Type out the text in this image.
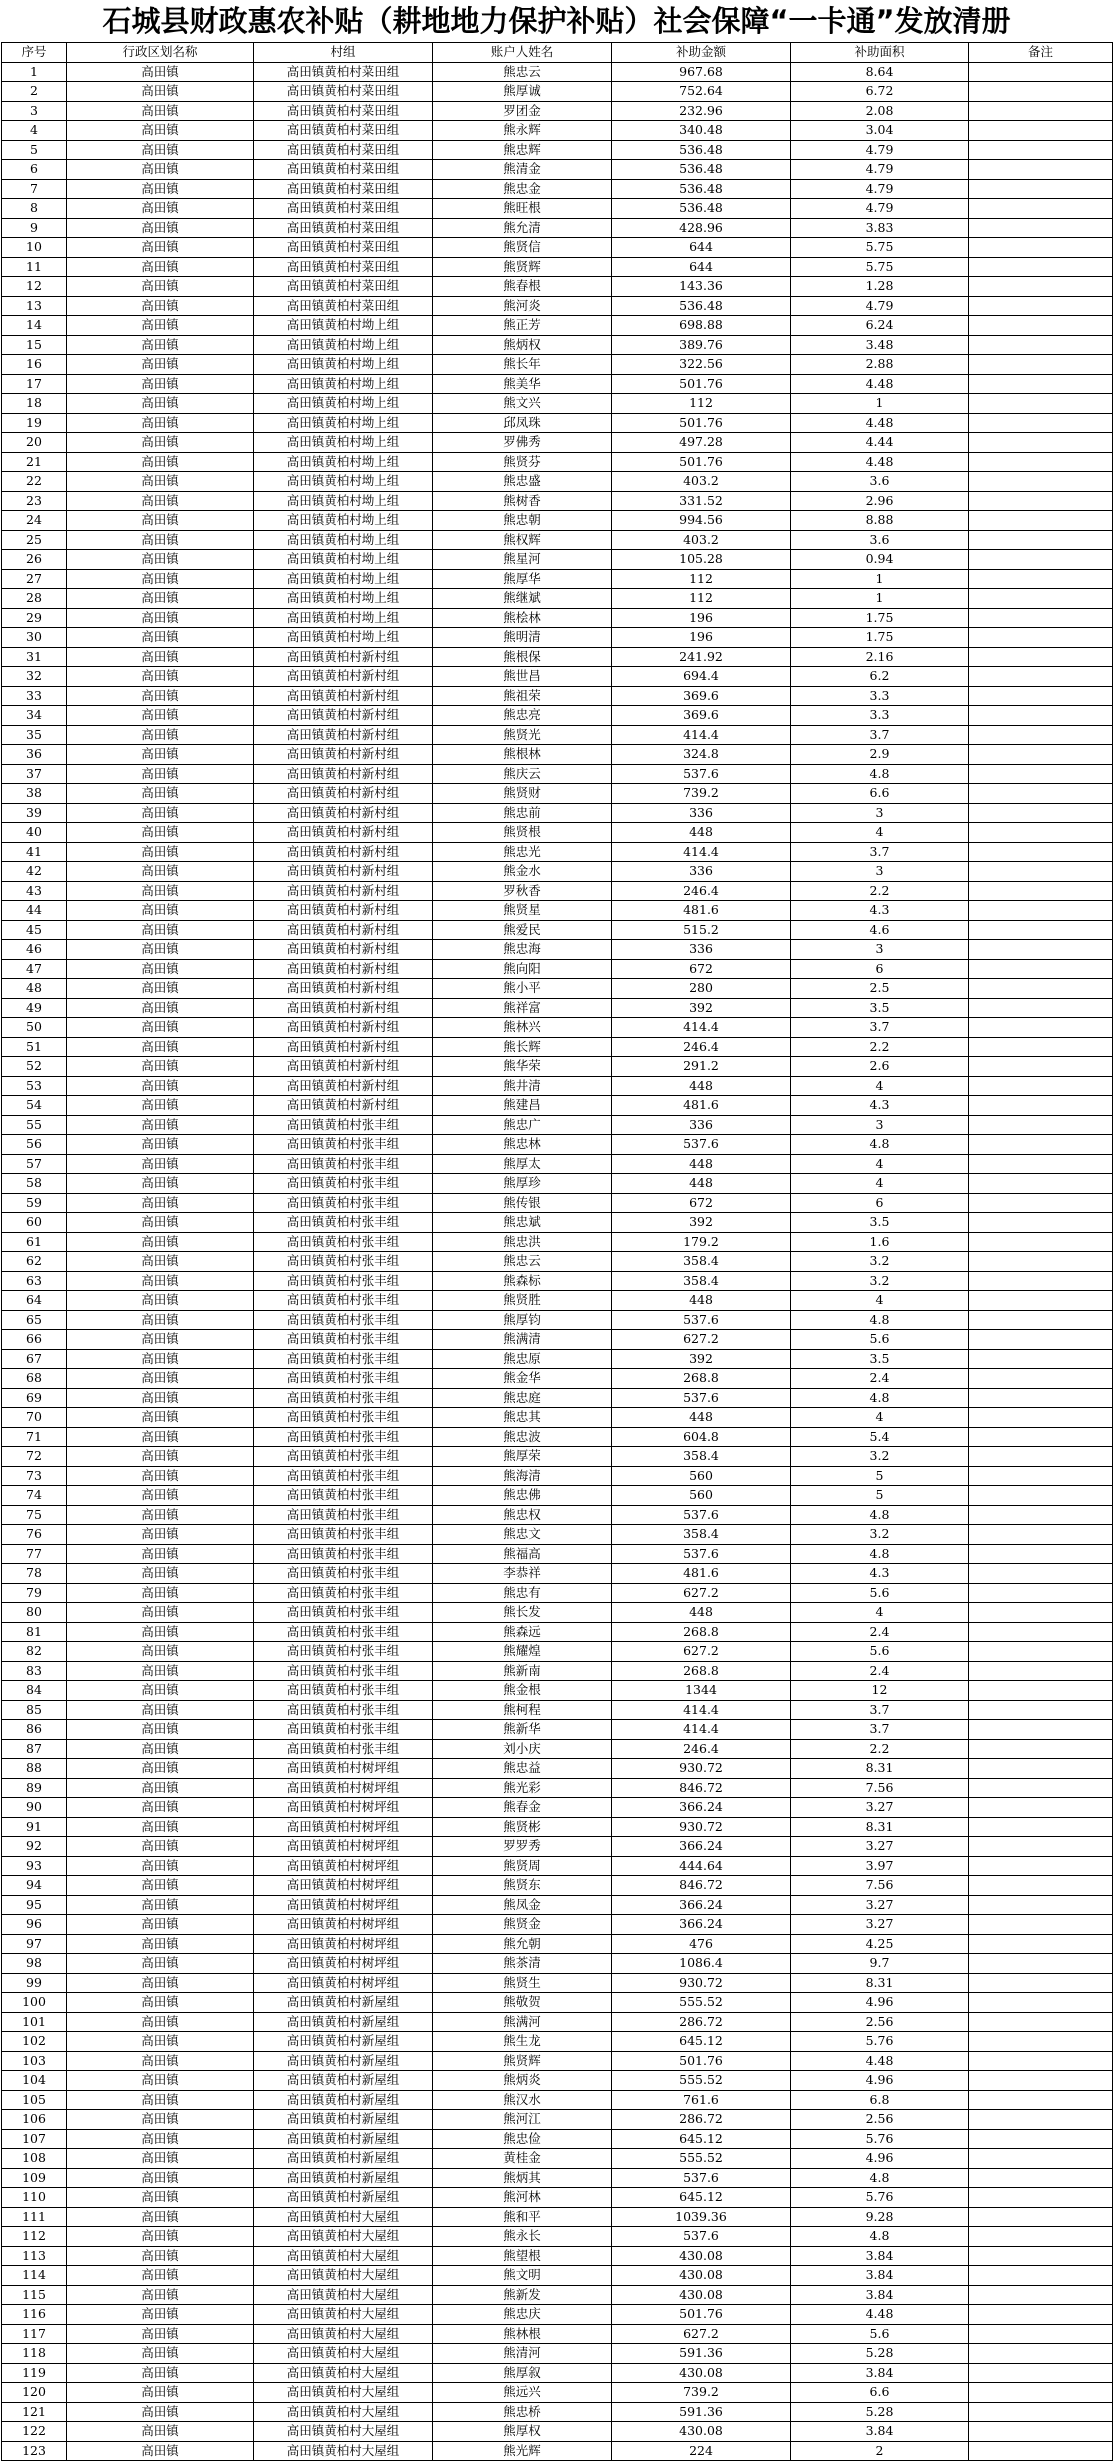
石城县财政惠农补贴（耕地地力保护补贴）社会保障“一卡通”发放清册
序号	行政区划名称	村组	账户人姓名	补助金额	补助面积	备注
1	高田镇	高田镇黄柏村菜田组	熊忠云	967.68	8.64	
2	高田镇	高田镇黄柏村菜田组	熊厚诚	752.64	6.72	
3	高田镇	高田镇黄柏村菜田组	罗团金	232.96	2.08	
4	高田镇	高田镇黄柏村菜田组	熊永辉	340.48	3.04	
5	高田镇	高田镇黄柏村菜田组	熊忠辉	536.48	4.79	
6	高田镇	高田镇黄柏村菜田组	熊清金	536.48	4.79	
7	高田镇	高田镇黄柏村菜田组	熊忠金	536.48	4.79	
8	高田镇	高田镇黄柏村菜田组	熊旺根	536.48	4.79	
9	高田镇	高田镇黄柏村菜田组	熊允清	428.96	3.83	
10	高田镇	高田镇黄柏村菜田组	熊贤信	644	5.75	
11	高田镇	高田镇黄柏村菜田组	熊贤辉	644	5.75	
12	高田镇	高田镇黄柏村菜田组	熊春根	143.36	1.28	
13	高田镇	高田镇黄柏村菜田组	熊河炎	536.48	4.79	
14	高田镇	高田镇黄柏村坳上组	熊正芳	698.88	6.24	
15	高田镇	高田镇黄柏村坳上组	熊炳权	389.76	3.48	
16	高田镇	高田镇黄柏村坳上组	熊长年	322.56	2.88	
17	高田镇	高田镇黄柏村坳上组	熊美华	501.76	4.48	
18	高田镇	高田镇黄柏村坳上组	熊文兴	112	1	
19	高田镇	高田镇黄柏村坳上组	邱凤珠	501.76	4.48	
20	高田镇	高田镇黄柏村坳上组	罗佛秀	497.28	4.44	
21	高田镇	高田镇黄柏村坳上组	熊贤芬	501.76	4.48	
22	高田镇	高田镇黄柏村坳上组	熊忠盛	403.2	3.6	
23	高田镇	高田镇黄柏村坳上组	熊树香	331.52	2.96	
24	高田镇	高田镇黄柏村坳上组	熊忠朝	994.56	8.88	
25	高田镇	高田镇黄柏村坳上组	熊权辉	403.2	3.6	
26	高田镇	高田镇黄柏村坳上组	熊星河	105.28	0.94	
27	高田镇	高田镇黄柏村坳上组	熊厚华	112	1	
28	高田镇	高田镇黄柏村坳上组	熊继斌	112	1	
29	高田镇	高田镇黄柏村坳上组	熊桧林	196	1.75	
30	高田镇	高田镇黄柏村坳上组	熊明清	196	1.75	
31	高田镇	高田镇黄柏村新村组	熊根保	241.92	2.16	
32	高田镇	高田镇黄柏村新村组	熊世昌	694.4	6.2	
33	高田镇	高田镇黄柏村新村组	熊祖荣	369.6	3.3	
34	高田镇	高田镇黄柏村新村组	熊忠亮	369.6	3.3	
35	高田镇	高田镇黄柏村新村组	熊贤光	414.4	3.7	
36	高田镇	高田镇黄柏村新村组	熊根林	324.8	2.9	
37	高田镇	高田镇黄柏村新村组	熊庆云	537.6	4.8	
38	高田镇	高田镇黄柏村新村组	熊贤财	739.2	6.6	
39	高田镇	高田镇黄柏村新村组	熊忠前	336	3	
40	高田镇	高田镇黄柏村新村组	熊贤根	448	4	
41	高田镇	高田镇黄柏村新村组	熊忠光	414.4	3.7	
42	高田镇	高田镇黄柏村新村组	熊金水	336	3	
43	高田镇	高田镇黄柏村新村组	罗秋香	246.4	2.2	
44	高田镇	高田镇黄柏村新村组	熊贤星	481.6	4.3	
45	高田镇	高田镇黄柏村新村组	熊爱民	515.2	4.6	
46	高田镇	高田镇黄柏村新村组	熊忠海	336	3	
47	高田镇	高田镇黄柏村新村组	熊向阳	672	6	
48	高田镇	高田镇黄柏村新村组	熊小平	280	2.5	
49	高田镇	高田镇黄柏村新村组	熊祥富	392	3.5	
50	高田镇	高田镇黄柏村新村组	熊林兴	414.4	3.7	
51	高田镇	高田镇黄柏村新村组	熊长辉	246.4	2.2	
52	高田镇	高田镇黄柏村新村组	熊华荣	291.2	2.6	
53	高田镇	高田镇黄柏村新村组	熊井清	448	4	
54	高田镇	高田镇黄柏村新村组	熊建昌	481.6	4.3	
55	高田镇	高田镇黄柏村张丰组	熊忠广	336	3	
56	高田镇	高田镇黄柏村张丰组	熊忠林	537.6	4.8	
57	高田镇	高田镇黄柏村张丰组	熊厚太	448	4	
58	高田镇	高田镇黄柏村张丰组	熊厚珍	448	4	
59	高田镇	高田镇黄柏村张丰组	熊传银	672	6	
60	高田镇	高田镇黄柏村张丰组	熊忠斌	392	3.5	
61	高田镇	高田镇黄柏村张丰组	熊忠洪	179.2	1.6	
62	高田镇	高田镇黄柏村张丰组	熊忠云	358.4	3.2	
63	高田镇	高田镇黄柏村张丰组	熊森标	358.4	3.2	
64	高田镇	高田镇黄柏村张丰组	熊贤胜	448	4	
65	高田镇	高田镇黄柏村张丰组	熊厚钧	537.6	4.8	
66	高田镇	高田镇黄柏村张丰组	熊满清	627.2	5.6	
67	高田镇	高田镇黄柏村张丰组	熊忠原	392	3.5	
68	高田镇	高田镇黄柏村张丰组	熊金华	268.8	2.4	
69	高田镇	高田镇黄柏村张丰组	熊忠庭	537.6	4.8	
70	高田镇	高田镇黄柏村张丰组	熊忠其	448	4	
71	高田镇	高田镇黄柏村张丰组	熊忠波	604.8	5.4	
72	高田镇	高田镇黄柏村张丰组	熊厚荣	358.4	3.2	
73	高田镇	高田镇黄柏村张丰组	熊海清	560	5	
74	高田镇	高田镇黄柏村张丰组	熊忠佛	560	5	
75	高田镇	高田镇黄柏村张丰组	熊忠权	537.6	4.8	
76	高田镇	高田镇黄柏村张丰组	熊忠文	358.4	3.2	
77	高田镇	高田镇黄柏村张丰组	熊福高	537.6	4.8	
78	高田镇	高田镇黄柏村张丰组	李恭祥	481.6	4.3	
79	高田镇	高田镇黄柏村张丰组	熊忠有	627.2	5.6	
80	高田镇	高田镇黄柏村张丰组	熊长发	448	4	
81	高田镇	高田镇黄柏村张丰组	熊森远	268.8	2.4	
82	高田镇	高田镇黄柏村张丰组	熊耀煌	627.2	5.6	
83	高田镇	高田镇黄柏村张丰组	熊新南	268.8	2.4	
84	高田镇	高田镇黄柏村张丰组	熊金根	1344	12	
85	高田镇	高田镇黄柏村张丰组	熊柯程	414.4	3.7	
86	高田镇	高田镇黄柏村张丰组	熊新华	414.4	3.7	
87	高田镇	高田镇黄柏村张丰组	刘小庆	246.4	2.2	
88	高田镇	高田镇黄柏村树坪组	熊忠益	930.72	8.31	
89	高田镇	高田镇黄柏村树坪组	熊光彩	846.72	7.56	
90	高田镇	高田镇黄柏村树坪组	熊春金	366.24	3.27	
91	高田镇	高田镇黄柏村树坪组	熊贤彬	930.72	8.31	
92	高田镇	高田镇黄柏村树坪组	罗罗秀	366.24	3.27	
93	高田镇	高田镇黄柏村树坪组	熊贤周	444.64	3.97	
94	高田镇	高田镇黄柏村树坪组	熊贤东	846.72	7.56	
95	高田镇	高田镇黄柏村树坪组	熊凤金	366.24	3.27	
96	高田镇	高田镇黄柏村树坪组	熊贤金	366.24	3.27	
97	高田镇	高田镇黄柏村树坪组	熊允朝	476	4.25	
98	高田镇	高田镇黄柏村树坪组	熊茶清	1086.4	9.7	
99	高田镇	高田镇黄柏村树坪组	熊贤生	930.72	8.31	
100	高田镇	高田镇黄柏村新屋组	熊敬贺	555.52	4.96	
101	高田镇	高田镇黄柏村新屋组	熊满河	286.72	2.56	
102	高田镇	高田镇黄柏村新屋组	熊生龙	645.12	5.76	
103	高田镇	高田镇黄柏村新屋组	熊贤辉	501.76	4.48	
104	高田镇	高田镇黄柏村新屋组	熊炳炎	555.52	4.96	
105	高田镇	高田镇黄柏村新屋组	熊汉水	761.6	6.8	
106	高田镇	高田镇黄柏村新屋组	熊河江	286.72	2.56	
107	高田镇	高田镇黄柏村新屋组	熊忠俭	645.12	5.76	
108	高田镇	高田镇黄柏村新屋组	黄桂金	555.52	4.96	
109	高田镇	高田镇黄柏村新屋组	熊炳其	537.6	4.8	
110	高田镇	高田镇黄柏村新屋组	熊河林	645.12	5.76	
111	高田镇	高田镇黄柏村大屋组	熊和平	1039.36	9.28	
112	高田镇	高田镇黄柏村大屋组	熊永长	537.6	4.8	
113	高田镇	高田镇黄柏村大屋组	熊望根	430.08	3.84	
114	高田镇	高田镇黄柏村大屋组	熊文明	430.08	3.84	
115	高田镇	高田镇黄柏村大屋组	熊新发	430.08	3.84	
116	高田镇	高田镇黄柏村大屋组	熊忠庆	501.76	4.48	
117	高田镇	高田镇黄柏村大屋组	熊林根	627.2	5.6	
118	高田镇	高田镇黄柏村大屋组	熊清河	591.36	5.28	
119	高田镇	高田镇黄柏村大屋组	熊厚叙	430.08	3.84	
120	高田镇	高田镇黄柏村大屋组	熊远兴	739.2	6.6	
121	高田镇	高田镇黄柏村大屋组	熊忠桥	591.36	5.28	
122	高田镇	高田镇黄柏村大屋组	熊厚权	430.08	3.84	
123	高田镇	高田镇黄柏村大屋组	熊光辉	224	2	
